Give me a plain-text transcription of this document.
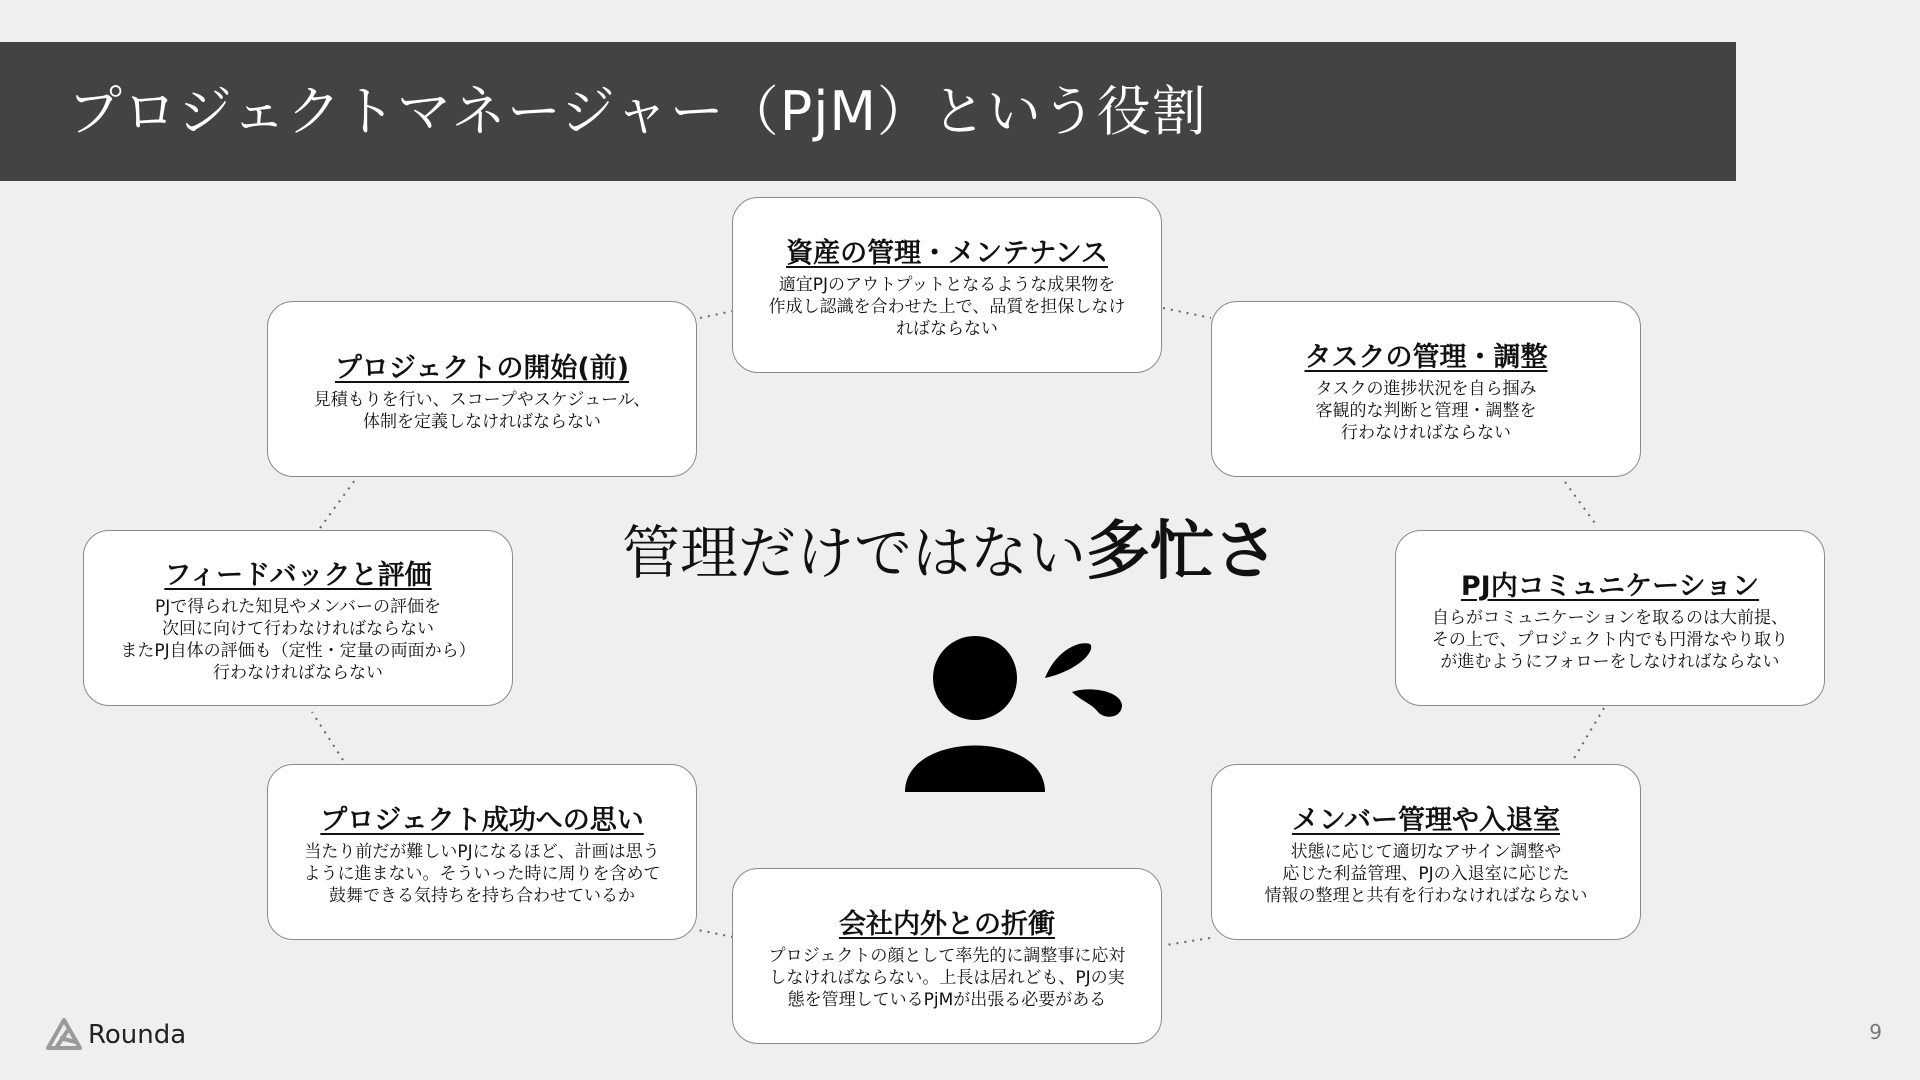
プロジェクトマネージャー（PjM）という役割
資産の管理・メンテナンス
適宜PJのアウトプットとなるような成果物を
作成し認識を合わせた上で、品質を担保しなけ
ればならない
タスクの管理・調整
タスクの進捗状況を自ら掴み
客観的な判断と管理・調整を
行わなければならない
PJ内コミュニケーション
自らがコミュニケーションを取るのは大前提、
その上で、プロジェクト内でも円滑なやり取り
が進むようにフォローをしなければならない
メンバー管理や入退室
状態に応じて適切なアサイン調整や
応じた利益管理、PJの入退室に応じた
情報の整理と共有を行わなければならない
会社内外との折衝
プロジェクトの顔として率先的に調整事に応対
しなければならない。上長は居れども、PJの実
態を管理しているPjMが出張る必要がある
プロジェクト成功への思い
当たり前だが難しいPJになるほど、計画は思う
ように進まない。そういった時に周りを含めて
鼓舞できる気持ちを持ち合わせているか
フィードバックと評価
PJで得られた知見やメンバーの評価を
次回に向けて行わなければならない
またPJ自体の評価も（定性・定量の両面から）
行わなければならない
プロジェクトの開始(前)
見積もりを行い、スコープやスケジュール、
体制を定義しなければならない
管理だけではない多忙さ
Rounda	9
